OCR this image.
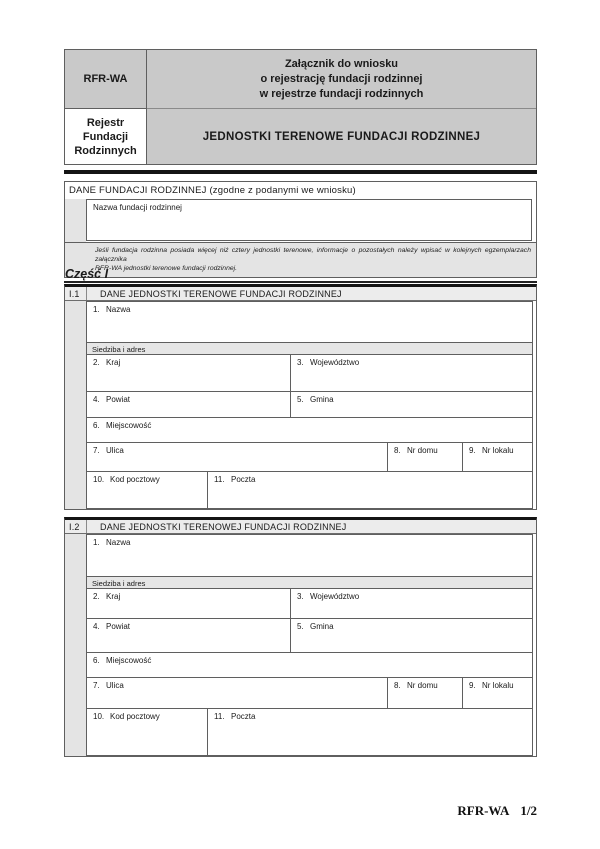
RFR-WA
Załącznik do wniosku
o rejestrację fundacji rodzinnej
w rejestrze fundacji rodzinnych
Rejestr Fundacji Rodzinnych
JEDNOSTKI TERENOWE FUNDACJI RODZINNEJ
DANE FUNDACJI RODZINNEJ (zgodne z podanymi we wniosku)
Nazwa fundacji rodzinnej
Jeśli fundacja rodzinna posiada więcej niż cztery jednostki terenowe, informacje o pozostałych należy wpisać w kolejnych egzemplarzach załącznika
RFR-WA jednostki terenowe fundacji rodzinnej.
Część I
I.1	DANE JEDNOSTKI TERENOWE FUNDACJI RODZINNEJ
1. Nazwa
Siedziba i adres
2. Kraj	3. Województwo
4. Powiat	5. Gmina
6. Miejscowość
7. Ulica	8. Nr domu	9. Nr lokalu
10. Kod pocztowy	11. Poczta
I.2	DANE JEDNOSTKI TERENOWEJ FUNDACJI RODZINNEJ
1. Nazwa
Siedziba i adres
2. Kraj	3. Województwo
4. Powiat	5. Gmina
6. Miejscowość
7. Ulica	8. Nr domu	9. Nr lokalu
10. Kod pocztowy	11. Poczta
RFR-WA 1/2
